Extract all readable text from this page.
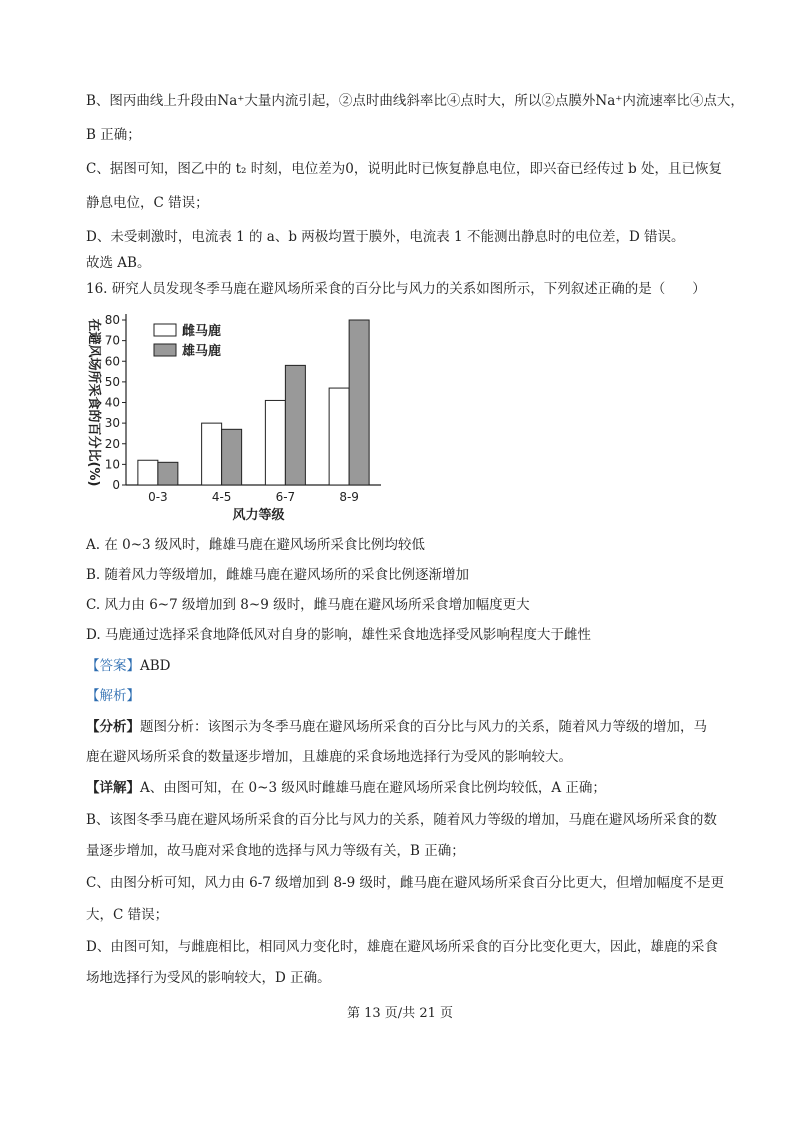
B、图丙曲线上升段由Na⁺大量内流引起，②点时曲线斜率比④点时大，所以②点膜外Na⁺内流速率比④点大，
B 正确；
C、据图可知，图乙中的 t₂ 时刻，电位差为0，说明此时已恢复静息电位，即兴奋已经传过 b 处，且已恢复
静息电位，C 错误；
D、未受刺激时，电流表 1 的 a、b 两极均置于膜外，电流表 1 不能测出静息时的电位差，D 错误。
故选 AB。
16. 研究人员发现冬季马鹿在避风场所采食的百分比与风力的关系如图所示，下列叙述正确的是（　　）
在避风场所采食的百分比(%) 0
10
20
30
40
50
60
70
80
0-3	4-5	6-7	8-9
风力等级
雌马鹿
雄马鹿
A. 在 0~3 级风时，雌雄马鹿在避风场所采食比例均较低
B. 随着风力等级增加，雌雄马鹿在避风场所的采食比例逐渐增加
C. 风力由 6~7 级增加到 8~9 级时，雌马鹿在避风场所采食增加幅度更大
D. 马鹿通过选择采食地降低风对自身的影响，雄性采食地选择受风影响程度大于雌性
【答案】ABD
【解析】
【分析】题图分析：该图示为冬季马鹿在避风场所采食的百分比与风力的关系，随着风力等级的增加，马
鹿在避风场所采食的数量逐步增加，且雄鹿的采食场地选择行为受风的影响较大。
【详解】A、由图可知，在 0~3 级风时雌雄马鹿在避风场所采食比例均较低，A 正确；
B、该图冬季马鹿在避风场所采食的百分比与风力的关系，随着风力等级的增加，马鹿在避风场所采食的数
量逐步增加，故马鹿对采食地的选择与风力等级有关，B 正确；
C、由图分析可知，风力由 6-7 级增加到 8-9 级时，雌马鹿在避风场所采食百分比更大，但增加幅度不是更
大，C 错误；
D、由图可知，与雌鹿相比，相同风力变化时，雄鹿在避风场所采食的百分比变化更大，因此，雄鹿的采食
场地选择行为受风的影响较大，D 正确。
第 13 页/共 21 页
